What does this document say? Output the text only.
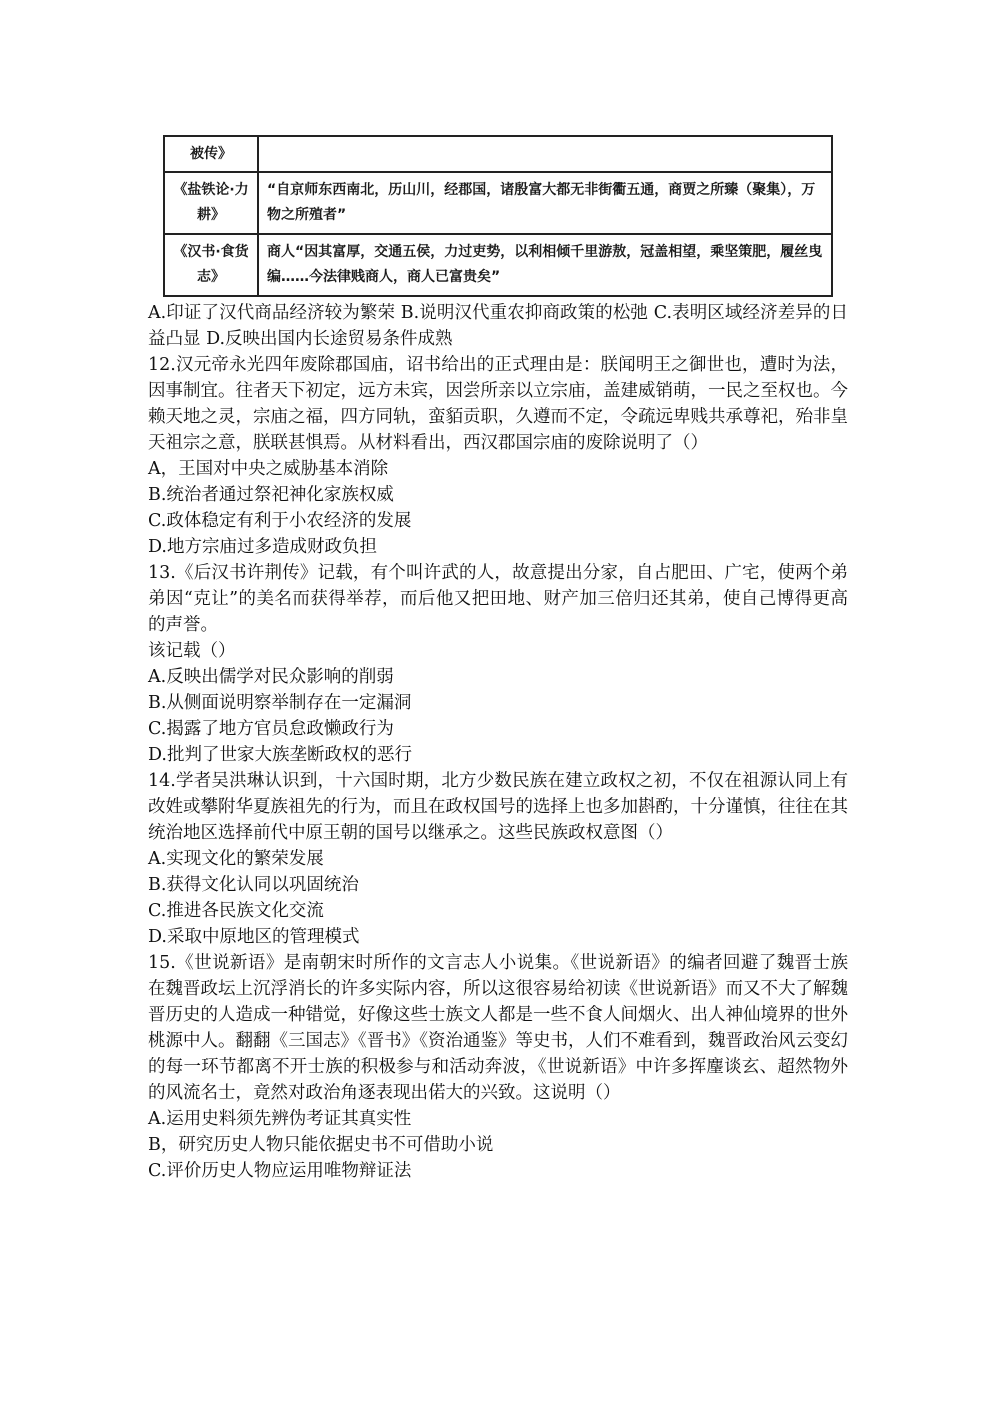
被传》	
《盐铁论·力耕》	“自京师东西南北，历山川，经郡国，诸殷富大都无非街衢五通，商贾之所臻（聚集），万物之所殖者”
《汉书·食货志》	商人“因其富厚，交通五侯，力过吏势，以利相倾千里游敖，冠盖相望，乘坚策肥，履丝曳编……今法律贱商人，商人已富贵矣”

A.印证了汉代商品经济较为繁荣 B.说明汉代重农抑商政策的松弛 C.表明区域经济差异的日益凸显 D.反映出国内长途贸易条件成熟

12.汉元帝永光四年废除郡国庙，诏书给出的正式理由是：朕闻明王之御世也，遭时为法，因事制宜。往者天下初定，远方未宾，因尝所亲以立宗庙，盖建威销萌，一民之至权也。今赖天地之灵，宗庙之福，四方同轨，蛮貊贡职，久遵而不定，令疏远卑贱共承尊祀，殆非皇天祖宗之意，朕联甚惧焉。从材料看出，西汉郡国宗庙的废除说明了（）

A，王国对中央之威胁基本消除

B.统治者通过祭祀神化家族权威

C.政体稳定有利于小农经济的发展

D.地方宗庙过多造成财政负担

13.《后汉书许荆传》记载，有个叫许武的人，故意提出分家，自占肥田、广宅，使两个弟弟因“克让”的美名而获得举荐，而后他又把田地、财产加三倍归还其弟，使自己博得更高的声誉。

该记载（）

A.反映出儒学对民众影响的削弱

B.从侧面说明察举制存在一定漏洞

C.揭露了地方官员怠政懒政行为

D.批判了世家大族垄断政权的恶行

14.学者吴洪琳认识到，十六国时期，北方少数民族在建立政权之初，不仅在祖源认同上有改姓或攀附华夏族祖先的行为，而且在政权国号的选择上也多加斟酌，十分谨慎，往往在其统治地区选择前代中原王朝的国号以继承之。这些民族政权意图（）

A.实现文化的繁荣发展

B.获得文化认同以巩固统治

C.推进各民族文化交流

D.采取中原地区的管理模式

15.《世说新语》是南朝宋时所作的文言志人小说集。《世说新语》的编者回避了魏晋士族在魏晋政坛上沉浮消长的许多实际内容，所以这很容易给初读《世说新语》而又不大了解魏晋历史的人造成一种错觉，好像这些士族文人都是一些不食人间烟火、出人神仙境界的世外桃源中人。翻翻《三国志》《晋书》《资治通鉴》等史书，人们不难看到，魏晋政治风云变幻的每一环节都离不开士族的积极参与和活动奔波，《世说新语》中许多挥麈谈玄、超然物外的风流名士，竟然对政治角逐表现出偌大的兴致。这说明（）

A.运用史料须先辨伪考证其真实性

B，研究历史人物只能依据史书不可借助小说

C.评价历史人物应运用唯物辩证法
